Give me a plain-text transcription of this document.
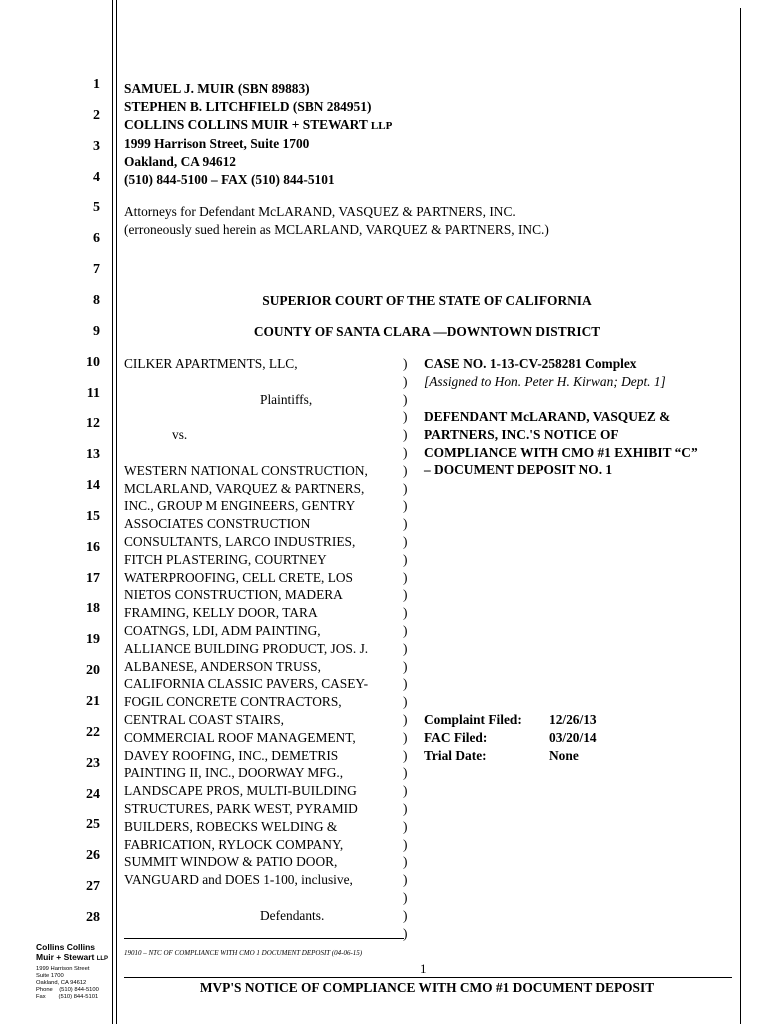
1
2
3
4
5
6
7
8
9
10
11
12
13
14
15
16
17
18
19
20
21
22
23
24
25
26
27
28
SAMUEL J. MUIR (SBN 89883)
STEPHEN B. LITCHFIELD (SBN 284951)
COLLINS COLLINS MUIR + STEWART LLP
1999 Harrison Street, Suite 1700
Oakland, CA 94612
(510) 844-5100 – FAX (510) 844-5101
Attorneys for Defendant McLARAND, VASQUEZ & PARTNERS, INC.
(erroneously sued herein as MCLARLAND, VARQUEZ & PARTNERS, INC.)
SUPERIOR COURT OF THE STATE OF CALIFORNIA
COUNTY OF SANTA CLARA —DOWNTOWN DISTRICT
CILKER APARTMENTS, LLC,
Plaintiffs,
vs.
WESTERN NATIONAL CONSTRUCTION,
MCLARLAND, VARQUEZ & PARTNERS,
INC., GROUP M ENGINEERS, GENTRY
ASSOCIATES CONSTRUCTION
CONSULTANTS, LARCO INDUSTRIES,
FITCH PLASTERING, COURTNEY
WATERPROOFING, CELL CRETE, LOS
NIETOS CONSTRUCTION, MADERA
FRAMING, KELLY DOOR, TARA
COATNGS, LDI, ADM PAINTING,
ALLIANCE BUILDING PRODUCT, JOS. J.
ALBANESE, ANDERSON TRUSS,
CALIFORNIA CLASSIC PAVERS, CASEY-
FOGIL CONCRETE CONTRACTORS,
CENTRAL COAST STAIRS,
COMMERCIAL ROOF MANAGEMENT,
DAVEY ROOFING, INC., DEMETRIS
PAINTING II, INC., DOORWAY MFG.,
LANDSCAPE PROS, MULTI-BUILDING
STRUCTURES, PARK WEST, PYRAMID
BUILDERS, ROBECKS WELDING &
FABRICATION, RYLOCK COMPANY,
SUMMIT WINDOW & PATIO DOOR,
VANGUARD and DOES 1-100, inclusive,
Defendants.
)
)
)
)
)
)
)
)
)
)
)
)
)
)
)
)
)
)
)
)
)
)
)
)
)
)
)
)
)
)
)
)
)
CASE NO. 1-13-CV-258281 Complex
[Assigned to Hon. Peter H. Kirwan; Dept. 1]
DEFENDANT McLARAND, VASQUEZ &
PARTNERS, INC.'S NOTICE OF
COMPLIANCE WITH CMO #1 EXHIBIT “C”
– DOCUMENT DEPOSIT NO. 1
Complaint Filed:	12/26/13
FAC Filed:	03/20/14
Trial Date:	None
19010 – NTC OF COMPLIANCE WITH CMO 1 DOCUMENT DEPOSIT (04-06-15)
1
MVP'S NOTICE OF COMPLIANCE WITH CMO #1 DOCUMENT DEPOSIT
Collins Collins
Muir + Stewart LLP
1999 Harrison Street
Suite 1700
Oakland, CA 94612
Phone    (510) 844-5100
Fax        (510) 844-5101
